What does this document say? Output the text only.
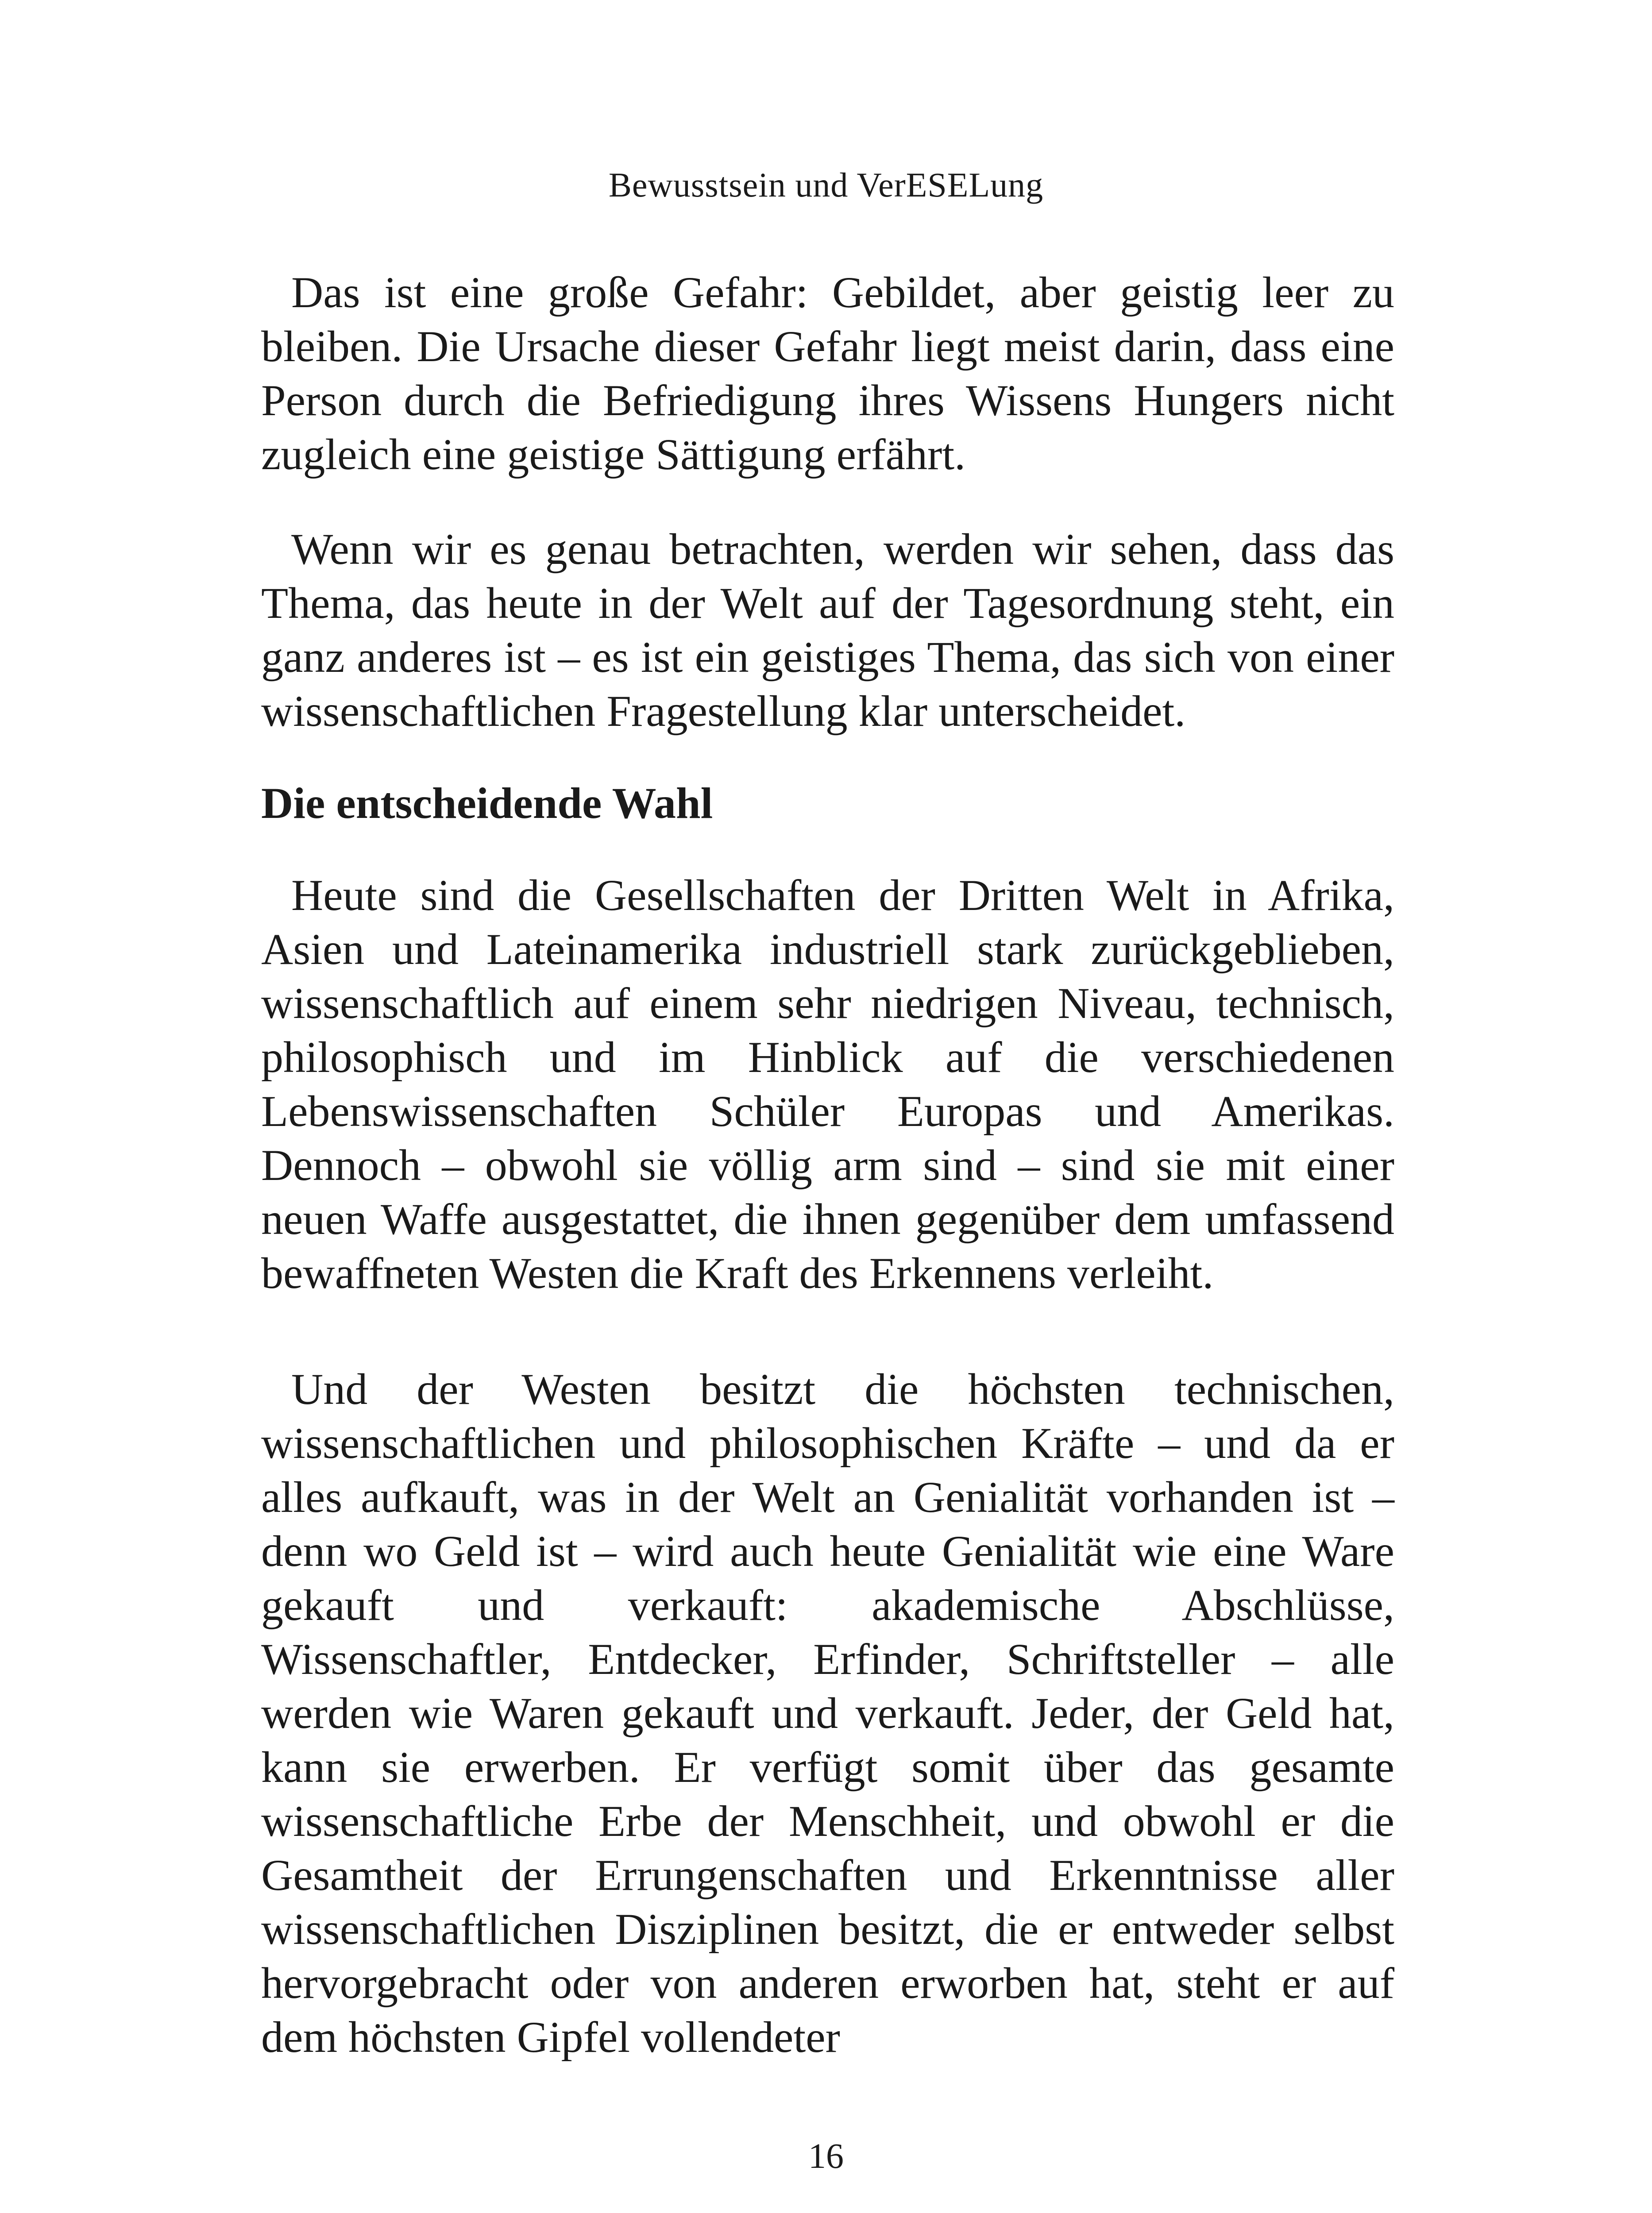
Bewusstsein und VerESELung

Das ist eine große Gefahr: Gebildet, aber geistig leer zu bleiben. Die Ursache dieser Gefahr liegt meist darin, dass eine Person durch die Befriedigung ihres Wissens Hungers nicht zugleich eine geistige Sättigung erfährt.

Wenn wir es genau betrachten, werden wir sehen, dass das Thema, das heute in der Welt auf der Tagesordnung steht, ein ganz anderes ist – es ist ein geistiges Thema, das sich von einer wissenschaftlichen Fragestellung klar unterscheidet.

Die entscheidende Wahl

Heute sind die Gesellschaften der Dritten Welt in Afrika, Asien und Lateinamerika industriell stark zurückgeblieben, wissenschaftlich auf einem sehr niedrigen Niveau, technisch, philosophisch und im Hinblick auf die verschiedenen Lebenswissenschaften Schüler Europas und Amerikas. Dennoch – obwohl sie völlig arm sind – sind sie mit einer neuen Waffe ausgestattet, die ihnen gegenüber dem umfassend bewaffneten Westen die Kraft des Erkennens verleiht.

Und der Westen besitzt die höchsten technischen, wissenschaftlichen und philosophischen Kräfte – und da er alles aufkauft, was in der Welt an Genialität vorhanden ist – denn wo Geld ist – wird auch heute Genialität wie eine Ware gekauft und verkauft: akademische Abschlüsse, Wissenschaftler, Entdecker, Erfinder, Schriftsteller – alle werden wie Waren gekauft und verkauft. Jeder, der Geld hat, kann sie erwerben. Er verfügt somit über das gesamte wissenschaftliche Erbe der Menschheit, und obwohl er die Gesamtheit der Errungenschaften und Erkenntnisse aller wissenschaftlichen Disziplinen besitzt, die er entweder selbst hervorgebracht oder von anderen erworben hat, steht er auf dem höchsten Gipfel vollendeter

16
